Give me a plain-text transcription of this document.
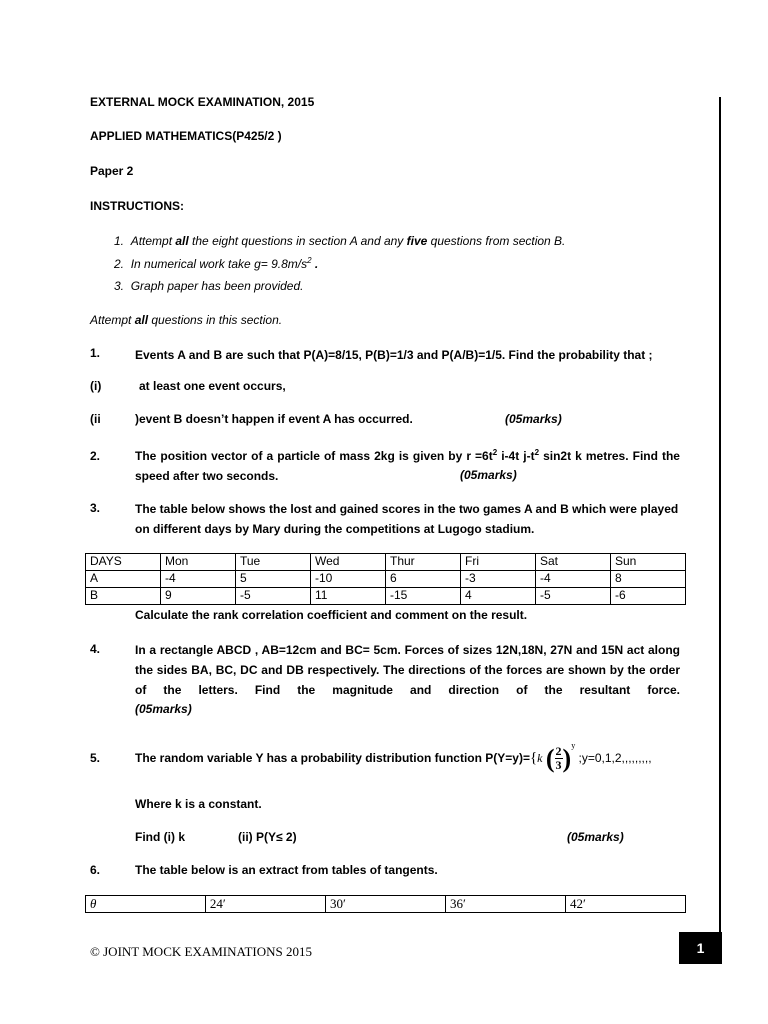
EXTERNAL MOCK EXAMINATION, 2015
APPLIED MATHEMATICS(P425/2 )
Paper 2
INSTRUCTIONS:
1. Attempt all the eight questions in section A and any five questions from section B.
2. In numerical work take $g= 9.8m/s^2$ .
3. Graph paper has been provided.
Attempt all questions in this section.
1.	Events A and B are such that P(A)=8/15, P(B)=1/3 and P(A/B)=1/5. Find the probability that ;
(i)	at least one event occurs,
(ii	)event B doesn’t happen if event A has occurred.	(05marks)
2.	The position vector of a particle of mass 2kg is given by $r =6t^2$ i-4t $j-t^2$ sin2t k metres. Find the speed after two seconds.	(05marks)
3.	The table below shows the lost and gained scores in the two games A and B which were played on different days by Mary during the competitions at Lugogo stadium.
DAYS	Mon	Tue	Wed	Thur	Fri	Sat	Sun
A	-4	5	-10	6	-3	-4	8
B	9	-5	11	-15	4	-5	-6
Calculate the rank correlation coefficient and comment on the result.
4.	In a rectangle ABCD , AB=12cm and BC= 5cm. Forces of sizes 12N,18N, 27N and 15N act along the sides BA, BC, DC and DB respectively. The directions of the forces are shown by the order of the letters. Find the magnitude and direction of the resultant force.
(05marks)
5.	The random variable Y has a probability distribution function P(Y=y)={k ( $\frac{2}{3})^y$ ;y=0,1,2,,,,,,,,,
Where k is a constant.
Find (i) k	(ii) P(Y≤ 2)	(05marks)
6.	The table below is an extract from tables of tangents.
θ	24′	30′	36′	42′
© JOINT MOCK EXAMINATIONS 2015	1
